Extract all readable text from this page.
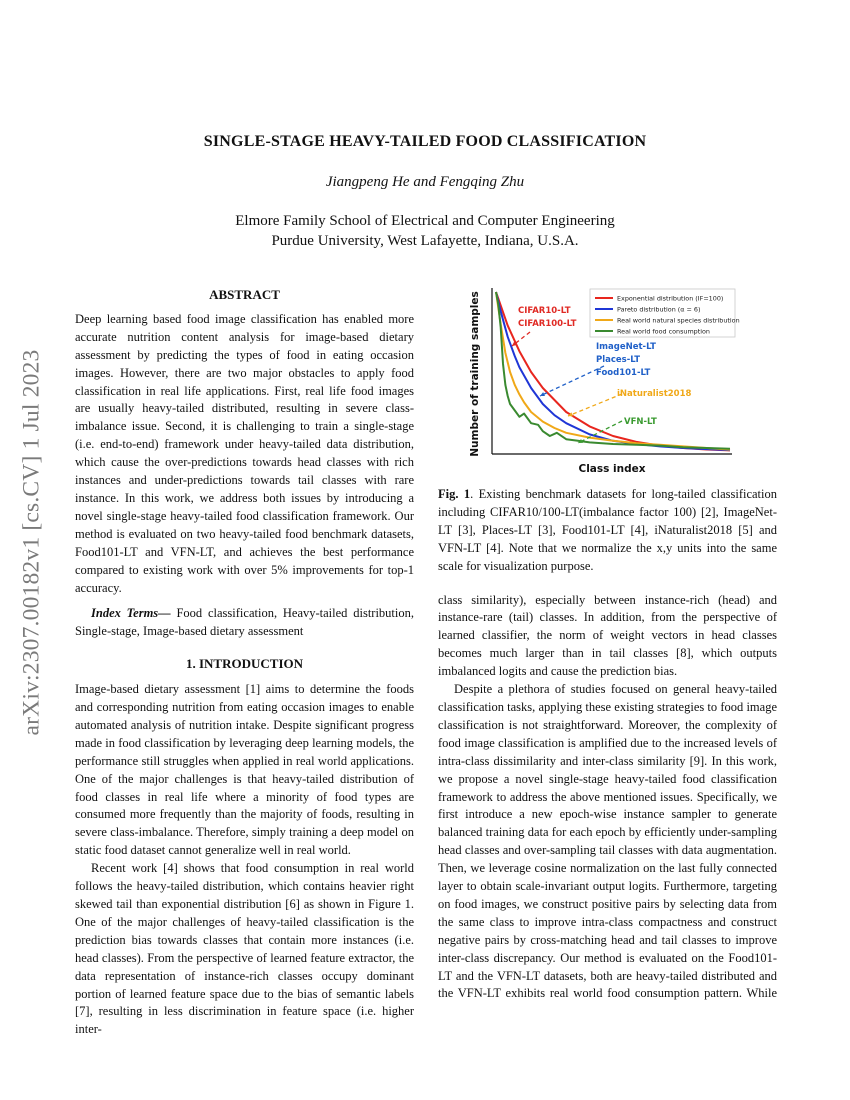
arXiv:2307.00182v1 [cs.CV] 1 Jul 2023
SINGLE-STAGE HEAVY-TAILED FOOD CLASSIFICATION
Jiangpeng He and Fengqing Zhu
Elmore Family School of Electrical and Computer Engineering
Purdue University, West Lafayette, Indiana, U.S.A.
ABSTRACT

Deep learning based food image classification has enabled more accurate nutrition content analysis for image-based dietary assessment by predicting the types of food in eating occasion images. However, there are two major obstacles to apply food classification in real life applications. First, real life food images are usually heavy-tailed distributed, resulting in severe class-imbalance issue. Second, it is challenging to train a single-stage (i.e. end-to-end) framework under heavy-tailed data distribution, which cause the over-predictions towards head classes with rich instances and under-predictions towards tail classes with rare instance. In this work, we address both issues by introducing a novel single-stage heavy-tailed food classification framework. Our method is evaluated on two heavy-tailed food benchmark datasets, Food101-LT and VFN-LT, and achieves the best performance compared to existing work with over 5% improvements for top-1 accuracy.

Index Terms— Food classification, Heavy-tailed distribution, Single-stage, Image-based dietary assessment

1. INTRODUCTION

Image-based dietary assessment [1] aims to determine the foods and corresponding nutrition from eating occasion images to enable automated analysis of nutrition intake. Despite significant progress made in food classification by leveraging deep learning models, the performance still struggles when applied in real world applications. One of the major challenges is that heavy-tailed distribution of food classes in real life where a minority of food types are consumed more frequently than the majority of foods, resulting in severe class-imbalance. Therefore, simply training a deep model on static food dataset cannot generalize well in real world.

Recent work [4] shows that food consumption in real world follows the heavy-tailed distribution, which contains heavier right skewed tail than exponential distribution [6] as shown in Figure 1. One of the major challenges of heavy-tailed classification is the prediction bias towards classes that contain more instances (i.e. head classes). From the perspective of learned feature extractor, the data representation of instance-rich classes occupy dominant portion of learned feature space due to the bias of semantic labels [7], resulting in less discrimination in feature space (i.e. higher inter-

Number of training samples
Class index
Exponential distribution (IF=100)
Pareto distribution (α = 6)
Real world natural species distribution
Real world food consumption
CIFAR10-LT
CIFAR100-LT
ImageNet-LT
Places-LT
Food101-LT
iNaturalist2018
VFN-LT

Fig. 1. Existing benchmark datasets for long-tailed classification including CIFAR10/100-LT(imbalance factor 100) [2], ImageNet-LT [3], Places-LT [3], Food101-LT [4], iNaturalist2018 [5] and VFN-LT [4]. Note that we normalize the x,y units into the same scale for visualization purpose.

class similarity), especially between instance-rich (head) and instance-rare (tail) classes. In addition, from the perspective of learned classifier, the norm of weight vectors in head classes becomes much larger than in tail classes [8], which outputs imbalanced logits and cause the prediction bias.

Despite a plethora of studies focused on general heavy-tailed classification tasks, applying these existing strategies to food image classification is not straightforward. Moreover, the complexity of food image classification is amplified due to the increased levels of intra-class dissimilarity and inter-class similarity [9]. In this work, we propose a novel single-stage heavy-tailed food classification framework to address the above mentioned issues. Specifically, we first introduce a new epoch-wise instance sampler to generate balanced training data for each epoch by efficiently under-sampling head classes and over-sampling tail classes with data augmentation. Then, we leverage cosine normalization on the last fully connected layer to obtain scale-invariant output logits. Furthermore, targeting on food images, we construct positive pairs by selecting data from the same class to improve intra-class compactness and construct negative pairs by cross-matching head and tail classes to improve inter-class discrepancy. Our method is evaluated on the Food101-LT and the VFN-LT datasets, both are heavy-tailed distributed and the VFN-LT exhibits real world food consumption pattern. While
